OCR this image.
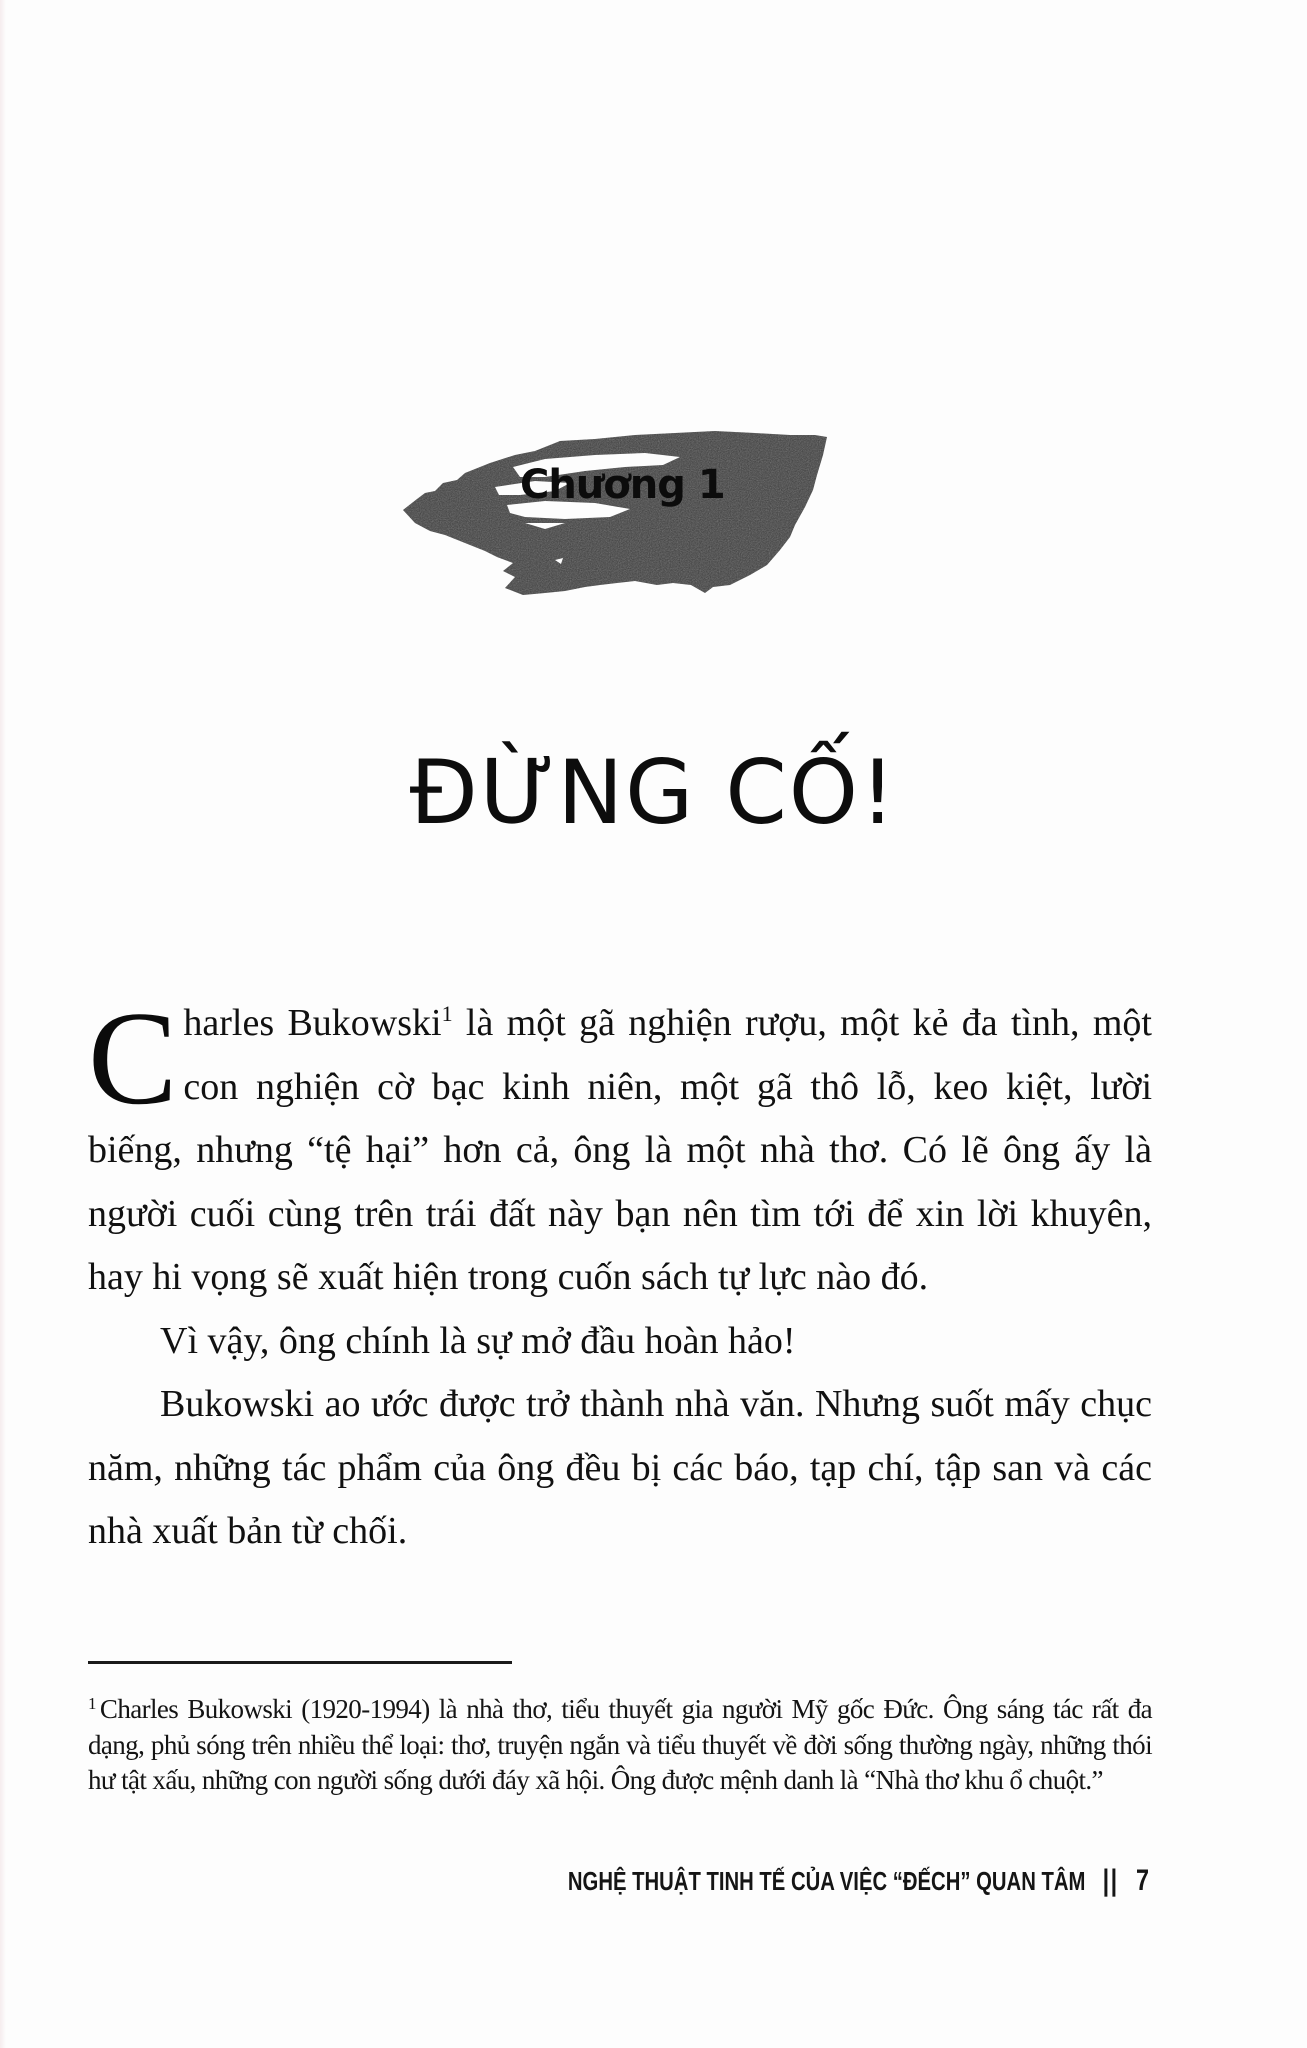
Chương 1
ĐỪNG CỐ!

Charles Bukowski$^1$ là một gã nghiện rượu, một kẻ đa tình, một con nghiện cờ bạc kinh niên, một gã thô lỗ, keo kiệt, lười biếng, nhưng “tệ hại” hơn cả, ông là một nhà thơ. Có lẽ ông ấy là người cuối cùng trên trái đất này bạn nên tìm tới để xin lời khuyên, hay hi vọng sẽ xuất hiện trong cuốn sách tự lực nào đó.

Vì vậy, ông chính là sự mở đầu hoàn hảo!

Bukowski ao ước được trở thành nhà văn. Nhưng suốt mấy chục năm, những tác phẩm của ông đều bị các báo, tạp chí, tập san và các nhà xuất bản từ chối.

$^1$ Charles Bukowski (1920-1994) là nhà thơ, tiểu thuyết gia người Mỹ gốc Đức. Ông sáng tác rất đa dạng, phủ sóng trên nhiều thể loại: thơ, truyện ngắn và tiểu thuyết về đời sống thường ngày, những thói hư tật xấu, những con người sống dưới đáy xã hội. Ông được mệnh danh là “Nhà thơ khu ổ chuột.”
NGHỆ THUẬT TINH TẾ CỦA VIỆC “ĐẾCH” QUAN TÂM || 7
